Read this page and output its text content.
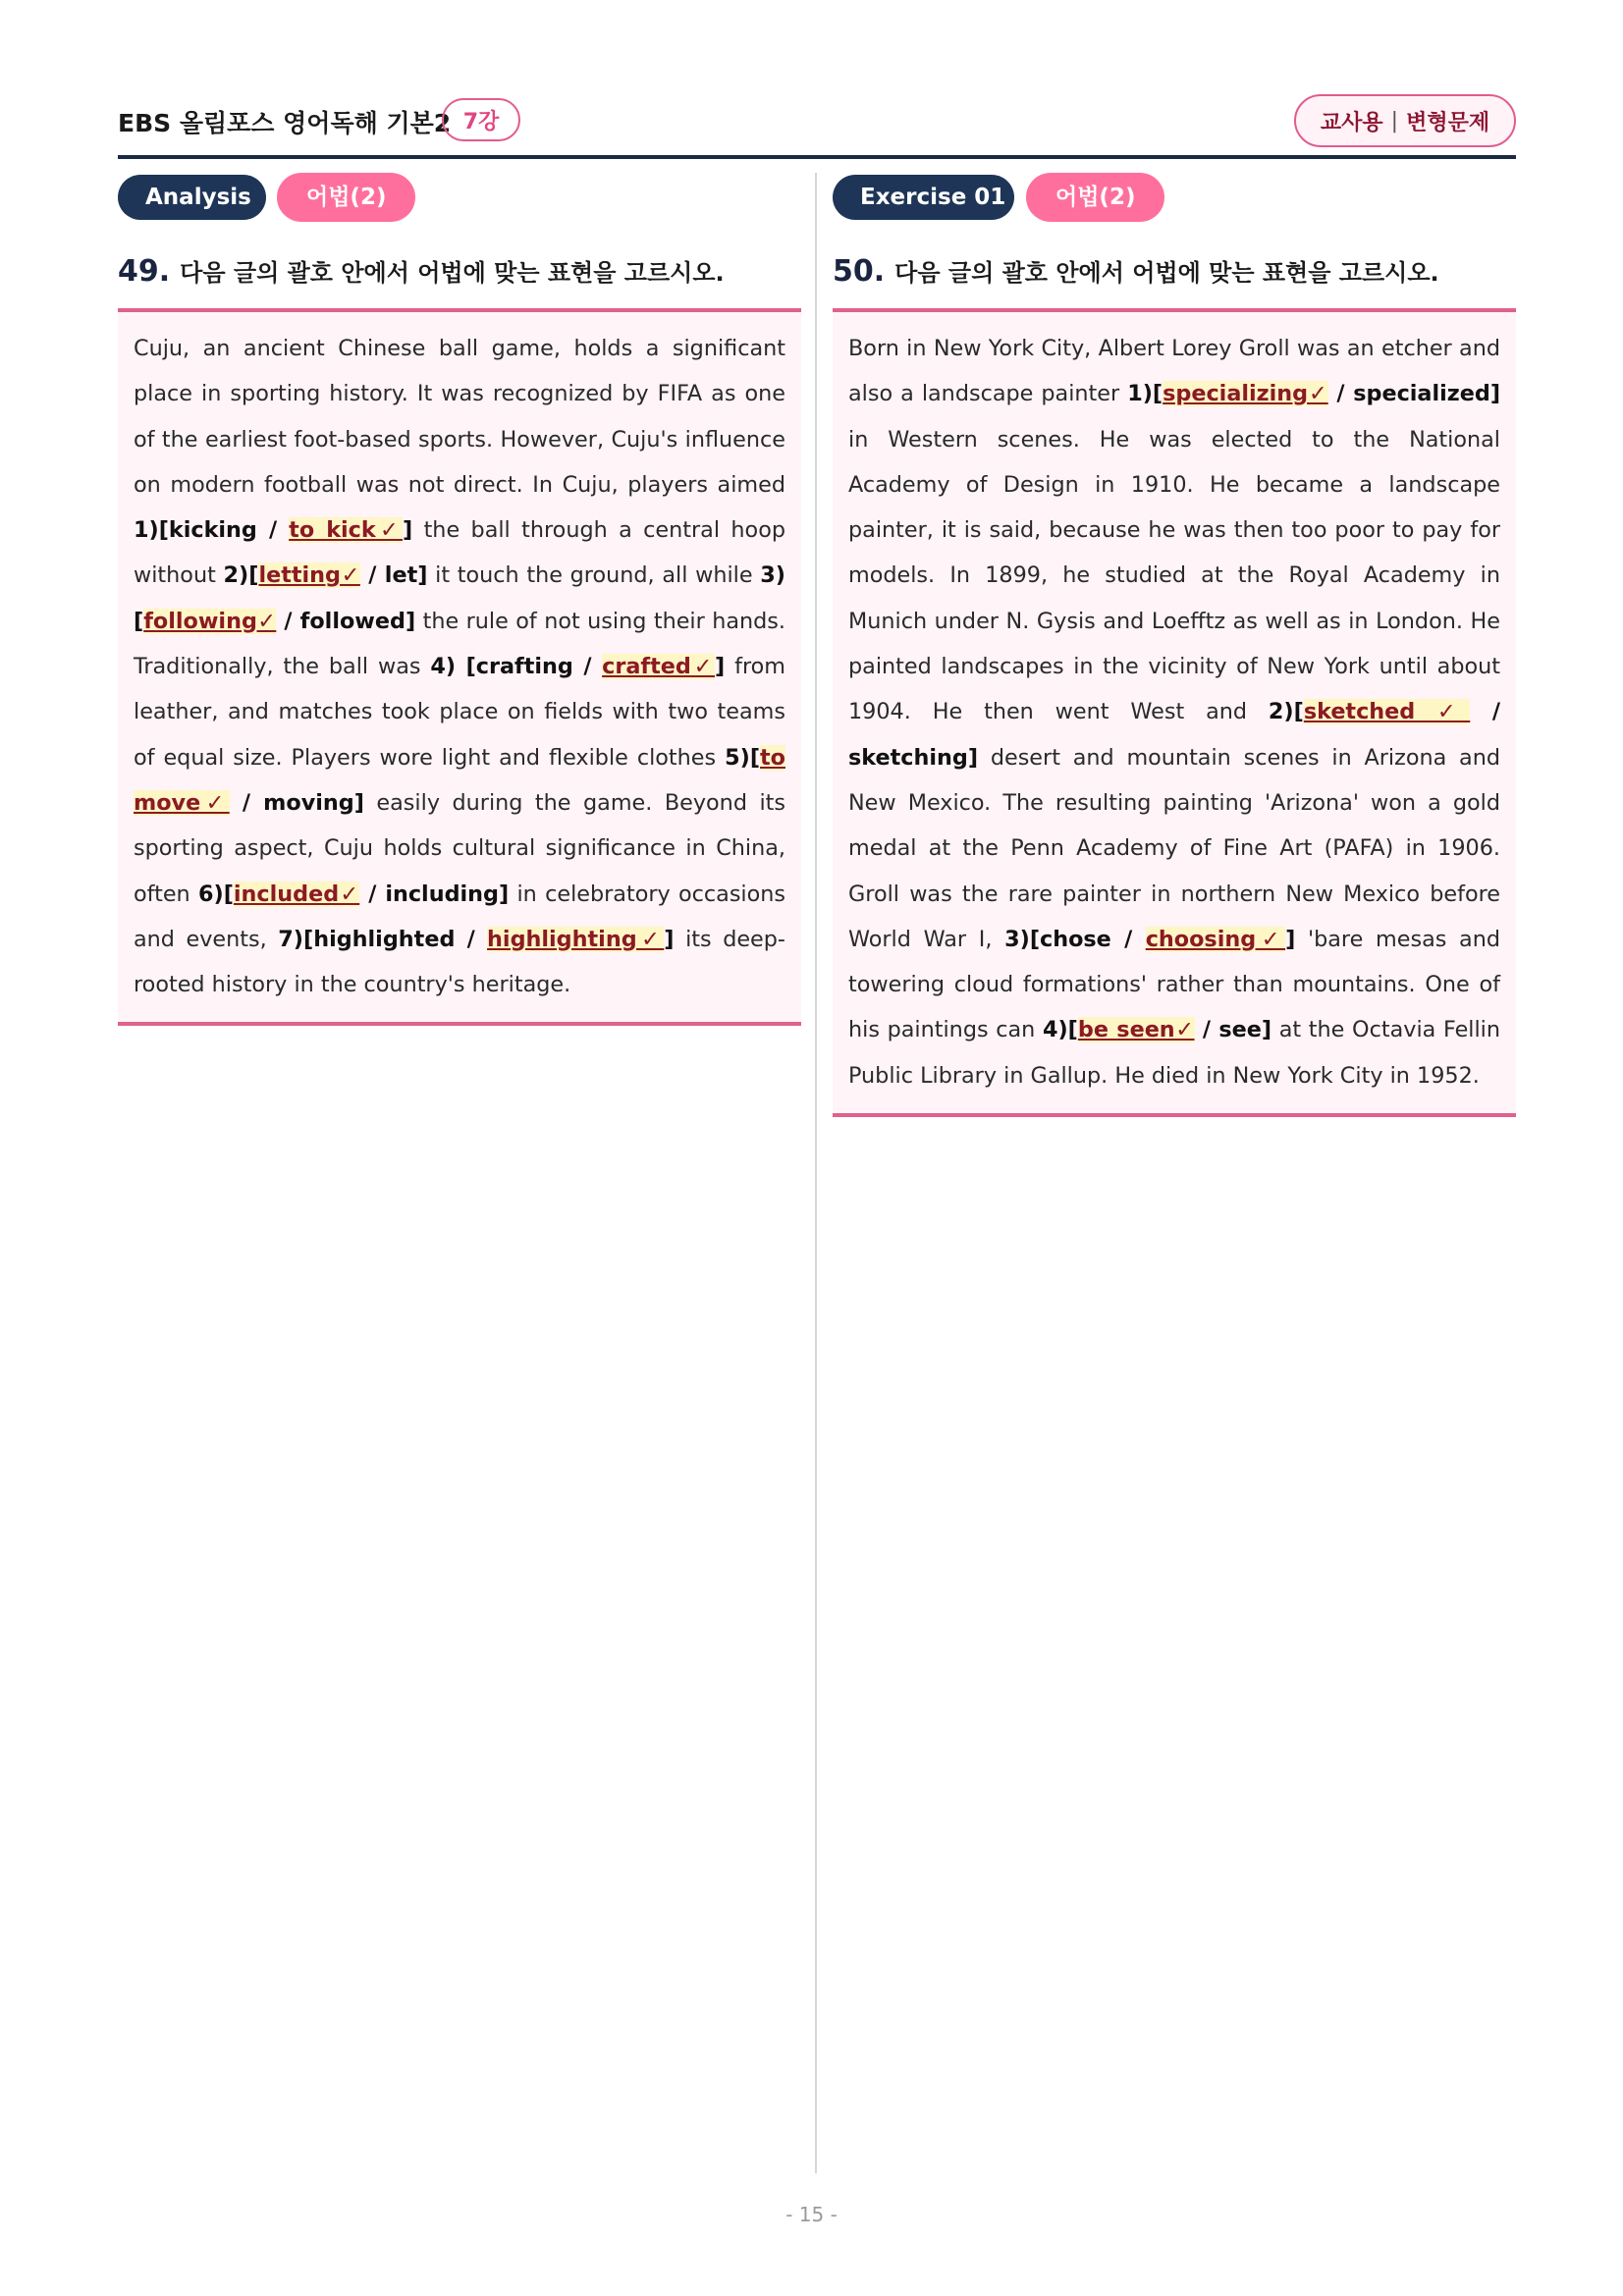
EBS 올림포스 영어독해 기본2 7강	교사용 | 변형문제
Analysis	어법(2)
49. 다음 글의 괄호 안에서 어법에 맞는 표현을 고르시오.
Cuju, an ancient Chinese ball game, holds a significant place in sporting history. It was recognized by FIFA as one of the earliest foot-based sports. However, Cuju's influence on modern football was not direct. In Cuju, players aimed 1)[kicking / to kick✓] the ball through a central hoop without 2)[letting✓ / let] it touch the ground, all while 3)[following✓ / followed] the rule of not using their hands. Traditionally, the ball was 4) [crafting / crafted✓] from leather, and matches took place on fields with two teams of equal size. Players wore light and flexible clothes 5)[to move✓ / moving] easily during the game. Beyond its sporting aspect, Cuju holds cultural significance in China, often 6)[included✓ / including] in celebratory occasions and events, 7)[highlighted / highlighting✓] its deep-rooted history in the country's heritage.
Exercise 01	어법(2)
50. 다음 글의 괄호 안에서 어법에 맞는 표현을 고르시오.
Born in New York City, Albert Lorey Groll was an etcher and also a landscape painter 1)[specializing✓ / specialized] in Western scenes. He was elected to the National Academy of Design in 1910. He became a landscape painter, it is said, because he was then too poor to pay for models. In 1899, he studied at the Royal Academy in Munich under N. Gysis and Loefftz as well as in London. He painted landscapes in the vicinity of New York until about 1904. He then went West and 2)[sketched ✓ / sketching] desert and mountain scenes in Arizona and New Mexico. The resulting painting 'Arizona' won a gold medal at the Penn Academy of Fine Art (PAFA) in 1906. Groll was the rare painter in northern New Mexico before World War I, 3)[chose / choosing✓] 'bare mesas and towering cloud formations' rather than mountains. One of his paintings can 4)[be seen✓ / see] at the Octavia Fellin Public Library in Gallup. He died in New York City in 1952.
- 15 -
